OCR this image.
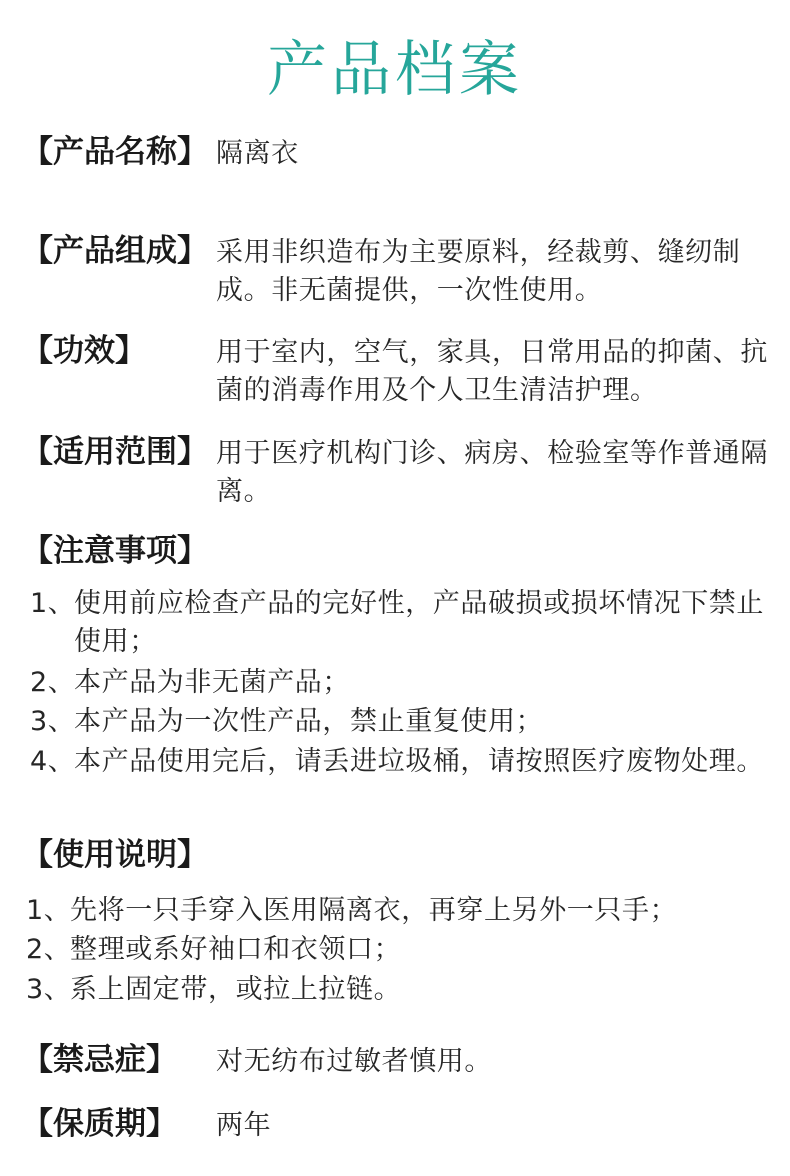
产品档案
【产品名称】 隔离衣
【产品组成】 采用非织造布为主要原料，经裁剪、缝纫制成。非无菌提供，一次性使用。
【功效】	用于室内，空气，家具，日常用品的抑菌、抗菌的消毒作用及个人卫生清洁护理。
【适用范围】 用于医疗机构门诊、病房、检验室等作普通隔离。
【注意事项】
1、
使用前应检查产品的完好性，产品破损或损坏情况下禁止使用；
2、
本产品为非无菌产品；
3、
本产品为一次性产品，禁止重复使用；
4、
本产品使用完后，请丢进垃圾桶，请按照医疗废物处理。
【使用说明】
1、
先将一只手穿入医用隔离衣，再穿上另外一只手；
2、
整理或系好袖口和衣领口；
3、
系上固定带，或拉上拉链。
【禁忌症】 对无纺布过敏者慎用。
【保质期】 两年
